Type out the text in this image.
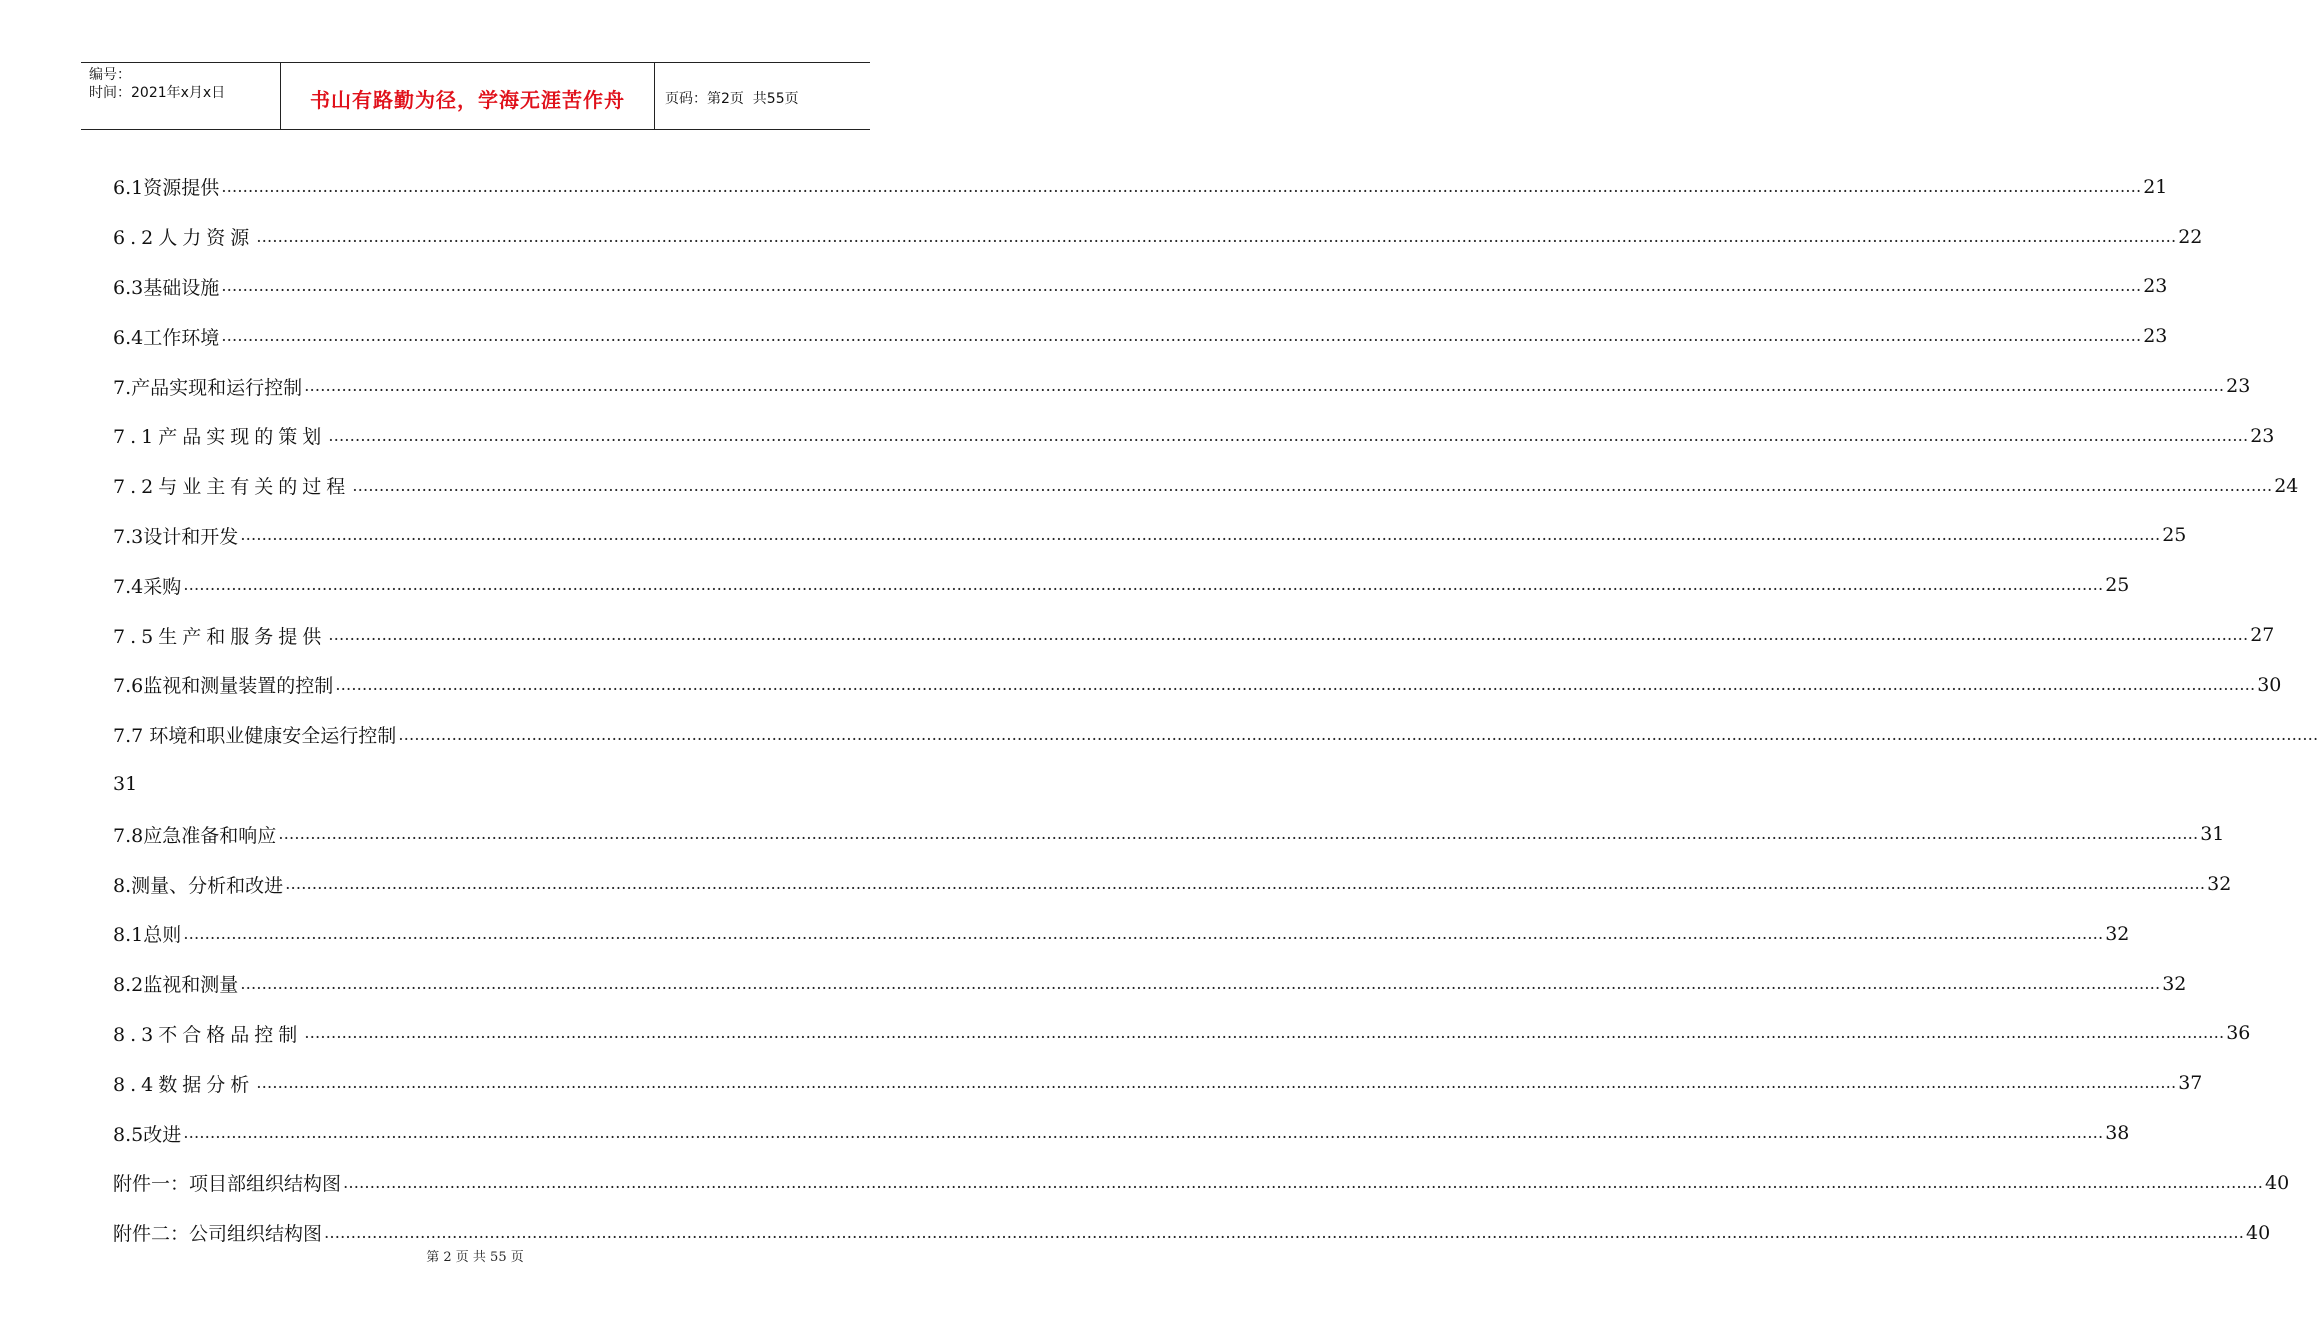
编号：
时间：2021年x月x日	书山有路勤为径，学海无涯苦作舟	页码：第2页  共55页
6.1资源提供 ……………………………………………………………………………………………………………………………………………………………………………………………………………………………………………………………………………………………………………………………… 21
6.2人力资源 ……………………………………………………………………………………………………………………………………………………………………………………………………………………………………………………………………………………………………………………………… 22
6.3基础设施 ……………………………………………………………………………………………………………………………………………………………………………………………………………………………………………………………………………………………………………………………… 23
6.4工作环境 ……………………………………………………………………………………………………………………………………………………………………………………………………………………………………………………………………………………………………………………………… 23
7.产品实现和运行控制 ……………………………………………………………………………………………………………………………………………………………………………………………………………………………………………………………………………………………………………………………… 23
7.1产品实现的策划 ……………………………………………………………………………………………………………………………………………………………………………………………………………………………………………………………………………………………………………………………… 23
7.2与业主有关的过程 ……………………………………………………………………………………………………………………………………………………………………………………………………………………………………………………………………………………………………………………………… 24
7.3设计和开发 ……………………………………………………………………………………………………………………………………………………………………………………………………………………………………………………………………………………………………………………………… 25
7.4采购 ……………………………………………………………………………………………………………………………………………………………………………………………………………………………………………………………………………………………………………………………… 25
7.5生产和服务提供 ……………………………………………………………………………………………………………………………………………………………………………………………………………………………………………………………………………………………………………………………… 27
7.6监视和测量装置的控制 ……………………………………………………………………………………………………………………………………………………………………………………………………………………………………………………………………………………………………………………………… 30
7.7 环境和职业健康安全运行控制 ………………………………………………………………………………………………………………………………………………………………………………………………………………………………………………………………………………………………………………………………
31
7.8应急准备和响应 ……………………………………………………………………………………………………………………………………………………………………………………………………………………………………………………………………………………………………………………………… 31
8.测量、分析和改进 ……………………………………………………………………………………………………………………………………………………………………………………………………………………………………………………………………………………………………………………………… 32
8.1总则 ……………………………………………………………………………………………………………………………………………………………………………………………………………………………………………………………………………………………………………………………… 32
8.2监视和测量 ……………………………………………………………………………………………………………………………………………………………………………………………………………………………………………………………………………………………………………………………… 32
8.3不合格品控制 ……………………………………………………………………………………………………………………………………………………………………………………………………………………………………………………………………………………………………………………………… 36
8.4数据分析 ……………………………………………………………………………………………………………………………………………………………………………………………………………………………………………………………………………………………………………………………… 37
8.5改进 ……………………………………………………………………………………………………………………………………………………………………………………………………………………………………………………………………………………………………………………………… 38
附件一：项目部组织结构图 ……………………………………………………………………………………………………………………………………………………………………………………………………………………………………………………………………………………………………………………………… 40
附件二：公司组织结构图 ……………………………………………………………………………………………………………………………………………………………………………………………………………………………………………………………………………………………………………………………… 40
第 2 页 共 55 页
